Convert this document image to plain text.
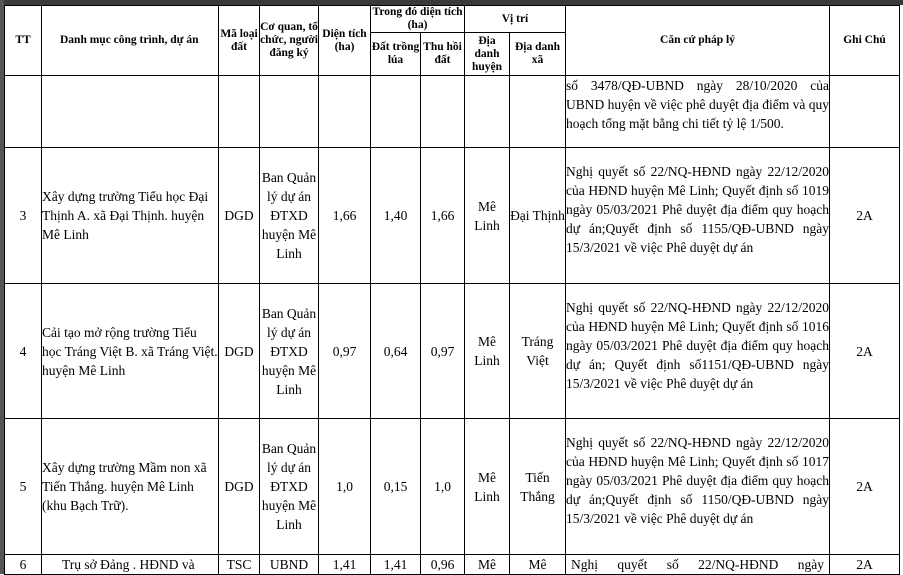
TT	Danh mục công trình, dự án	Mã loại đất	Cơ quan, tổ chức, người đăng ký	Diện tích (ha)	Trong đó diện tích (ha)		Vị trí		Căn cứ pháp lý	Ghi Chú
					Đất trồng lúa	Thu hồi đất	Địa danh huyện	Địa danh xã		
									số 3478/QĐ-UBND ngày 28/10/2020 của UBND huyện về việc phê duyệt địa điểm và quy hoạch tổng mặt bằng chi tiết tỷ lệ 1/500.	
3	Xây dựng trường Tiểu học Đại Thịnh A. xã Đại Thịnh. huyện Mê Linh	DGD	Ban Quản lý dự án ĐTXD huyện Mê Linh	1,66	1,40	1,66	Mê Linh	Đại Thịnh	Nghị quyết số 22/NQ-HĐND ngày 22/12/2020 của HĐND huyện Mê Linh; Quyết định số 1019 ngày 05/03/2021 Phê duyệt địa điểm quy hoạch dự án;Quyết định số 1155/QĐ-UBND ngày 15/3/2021 về việc Phê duyệt dự án	2A
4	Cải tạo mở rộng trường Tiểu học Tráng Việt B. xã Tráng Việt. huyện Mê Linh	DGD	Ban Quản lý dự án ĐTXD huyện Mê Linh	0,97	0,64	0,97	Mê Linh	Tráng Việt	Nghị quyết số 22/NQ-HĐND ngày 22/12/2020 của HĐND huyện Mê Linh; Quyết định số 1016 ngày 05/03/2021 Phê duyệt địa điểm quy hoạch dự án; Quyết định số1151/QĐ-UBND ngày 15/3/2021 về việc Phê duyệt dự án	2A
5	Xây dựng trường Mầm non xã Tiến Thắng. huyện Mê Linh (khu Bạch Trữ).	DGD	Ban Quản lý dự án ĐTXD huyện Mê Linh	1,0	0,15	1,0	Mê Linh	Tiến Thắng	Nghị quyết số 22/NQ-HĐND ngày 22/12/2020 của HĐND huyện Mê Linh; Quyết định số 1017 ngày 05/03/2021 Phê duyệt địa điểm quy hoạch dự án;Quyết định số 1150/QĐ-UBND ngày 15/3/2021 về việc Phê duyệt dự án	2A
6	Trụ sở Đảng . HĐND và	TSC	UBND	1,41	1,41	0,96	Mê	Mê	Nghị quyết số 22/NQ-HĐND ngày	2A
